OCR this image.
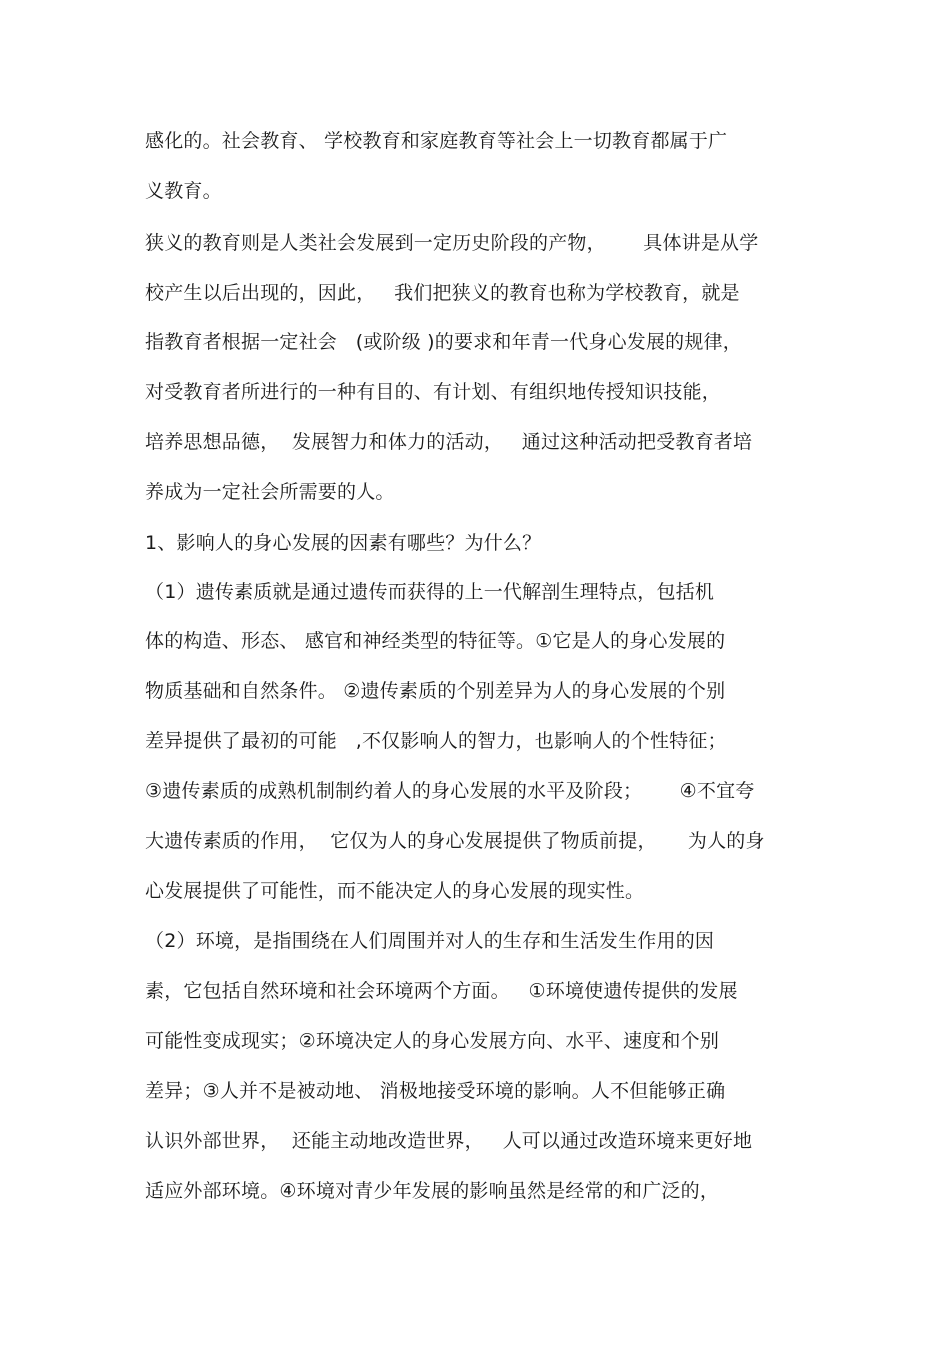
感化的。社会教育、 学校教育和家庭教育等社会上一切教育都属于广
义教育。
狭义的教育则是人类社会发展到一定历史阶段的产物，      具体讲是从学
校产生以后出现的，因此，   我们把狭义的教育也称为学校教育，就是
指教育者根据一定社会   (或阶级 )的要求和年青一代身心发展的规律，
对受教育者所进行的一种有目的、有计划、有组织地传授知识技能，
培养思想品德，  发展智力和体力的活动，   通过这种活动把受教育者培
养成为一定社会所需要的人。
1、影响人的身心发展的因素有哪些？为什么？
（1）遗传素质就是通过遗传而获得的上一代解剖生理特点，包括机
体的构造、形态、 感官和神经类型的特征等。①它是人的身心发展的
物质基础和自然条件。 ②遗传素质的个别差异为人的身心发展的个别
差异提供了最初的可能   ,不仅影响人的智力，也影响人的个性特征；
③遗传素质的成熟机制制约着人的身心发展的水平及阶段；      ④不宜夸
大遗传素质的作用，  它仅为人的身心发展提供了物质前提，     为人的身
心发展提供了可能性，而不能决定人的身心发展的现实性。
（2）环境，是指围绕在人们周围并对人的生存和生活发生作用的因
素，它包括自然环境和社会环境两个方面。   ①环境使遗传提供的发展
可能性变成现实；②环境决定人的身心发展方向、水平、速度和个别
差异；③人并不是被动地、 消极地接受环境的影响。人不但能够正确
认识外部世界，  还能主动地改造世界，   人可以通过改造环境来更好地
适应外部环境。④环境对青少年发展的影响虽然是经常的和广泛的，
